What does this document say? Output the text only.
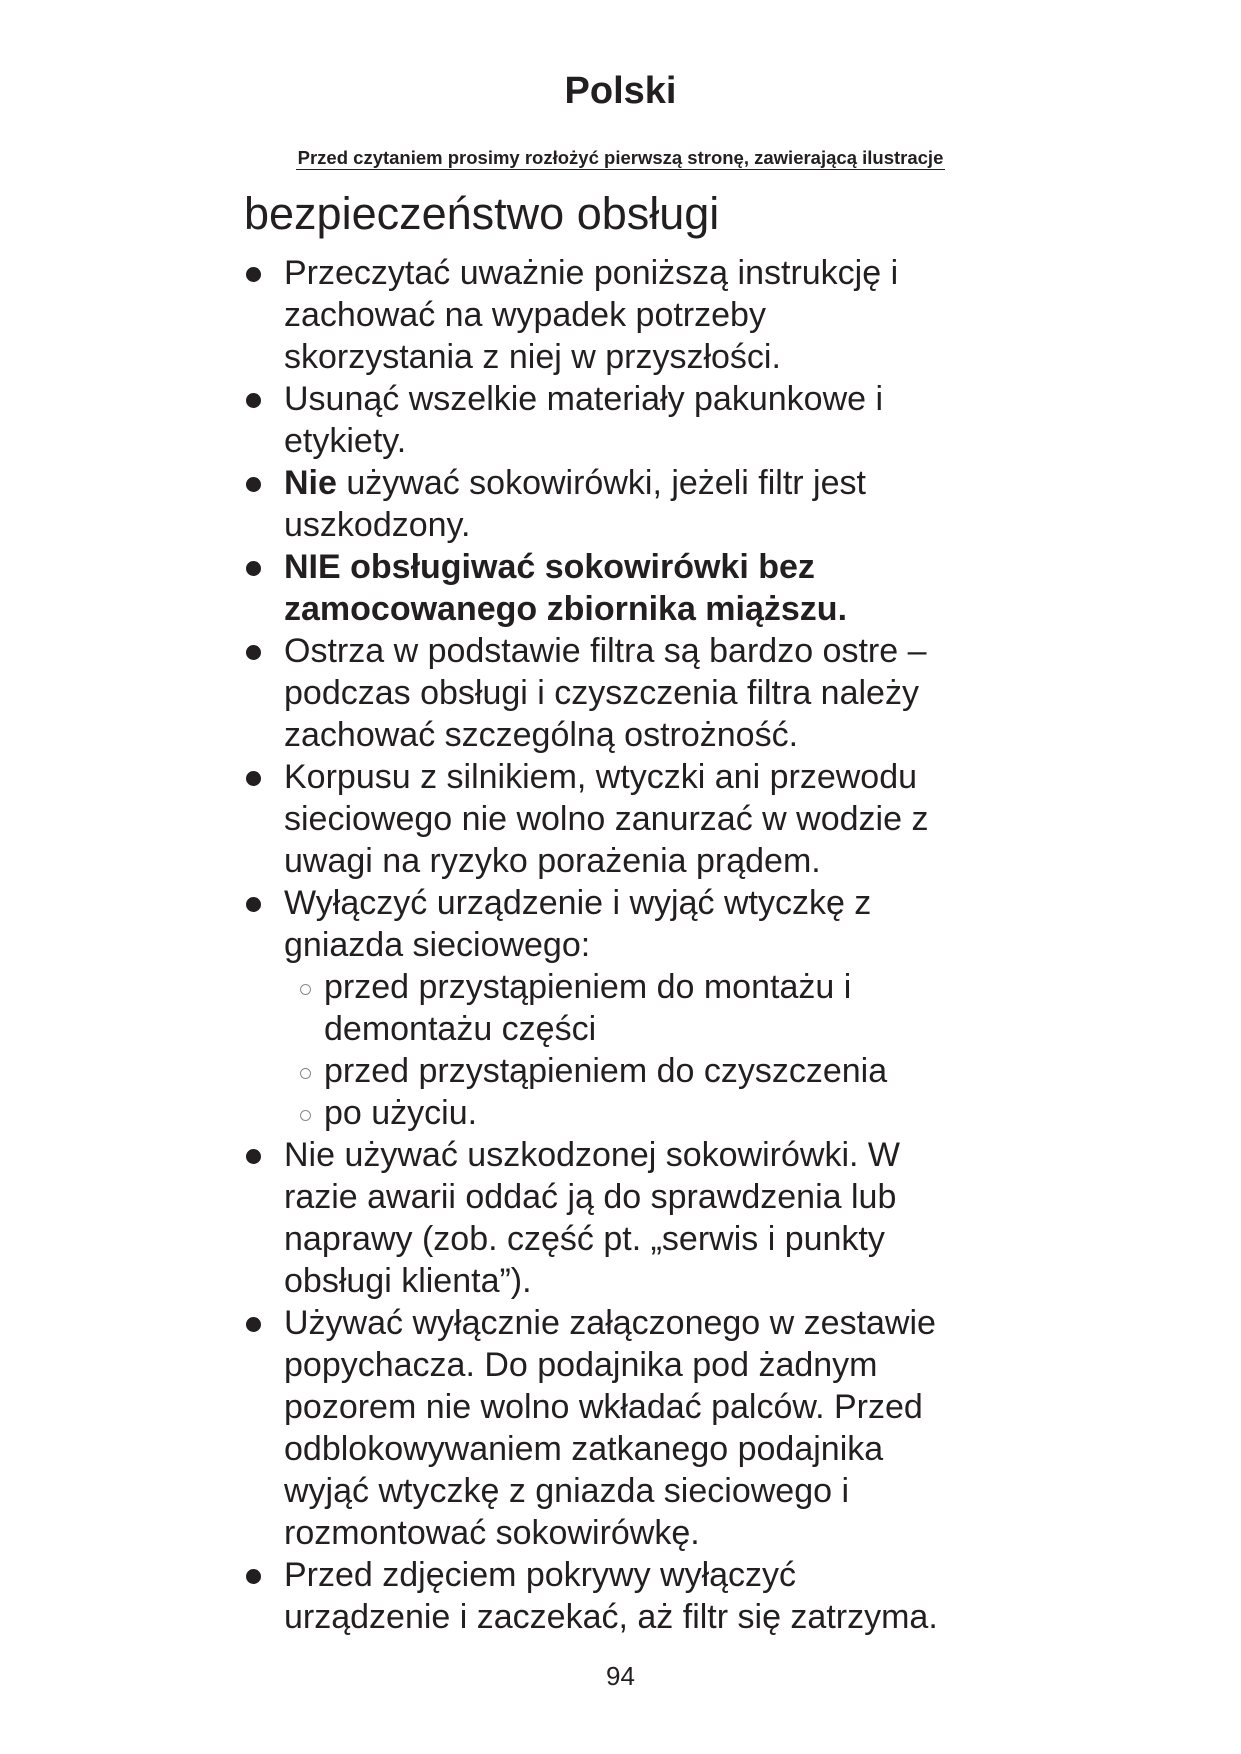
Polski
Przed czytaniem prosimy rozłożyć pierwszą stronę, zawierającą ilustracje
bezpieczeństwo obsługi
Przeczytać uważnie poniższą instrukcję i
zachować na wypadek potrzeby
skorzystania z niej w przyszłości.
Usunąć wszelkie materiały pakunkowe i
etykiety.
Nie używać sokowirówki, jeżeli filtr jest
uszkodzony.
NIE obsługiwać sokowirówki bez
zamocowanego zbiornika miąższu.
Ostrza w podstawie filtra są bardzo ostre –
podczas obsługi i czyszczenia filtra należy
zachować szczególną ostrożność.
Korpusu z silnikiem, wtyczki ani przewodu
sieciowego nie wolno zanurzać w wodzie z
uwagi na ryzyko porażenia prądem.
Wyłączyć urządzenie i wyjąć wtyczkę z
gniazda sieciowego:
przed przystąpieniem do montażu i
demontażu części
przed przystąpieniem do czyszczenia
po użyciu.
Nie używać uszkodzonej sokowirówki. W
razie awarii oddać ją do sprawdzenia lub
naprawy (zob. część pt. „serwis i punkty
obsługi klienta”).
Używać wyłącznie załączonego w zestawie
popychacza. Do podajnika pod żadnym
pozorem nie wolno wkładać palców. Przed
odblokowywaniem zatkanego podajnika
wyjąć wtyczkę z gniazda sieciowego i
rozmontować sokowirówkę.
Przed zdjęciem pokrywy wyłączyć
urządzenie i zaczekać, aż filtr się zatrzyma.
94
